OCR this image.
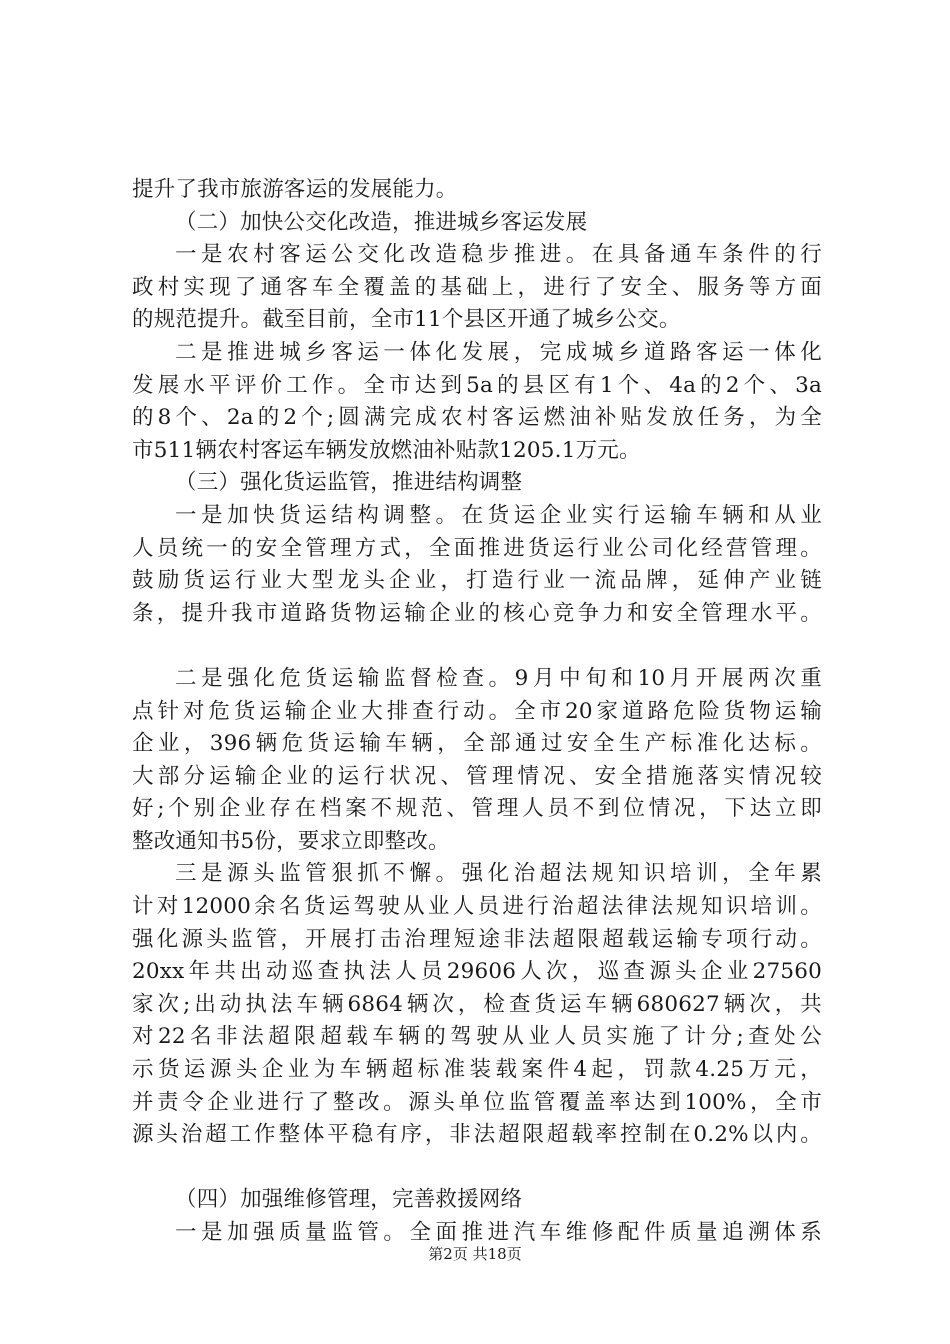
提升了我市旅游客运的发展能力。
（二）加快公交化改造，推进城乡客运发展
一是农村客运公交化改造稳步推进。在具备通车条件的行
政村实现了通客车全覆盖的基础上，进行了安全、服务等方面
的规范提升。截至目前，全市11个县区开通了城乡公交。
二是推进城乡客运一体化发展，完成城乡道路客运一体化
发展水平评价工作。全市达到5a的县区有1个、4a的2个、3a
的8个、2a的2个;圆满完成农村客运燃油补贴发放任务，为全
市511辆农村客运车辆发放燃油补贴款1205.1万元。
（三）强化货运监管，推进结构调整
一是加快货运结构调整。在货运企业实行运输车辆和从业
人员统一的安全管理方式，全面推进货运行业公司化经营管理。
鼓励货运行业大型龙头企业，打造行业一流品牌，延伸产业链
条，提升我市道路货物运输企业的核心竞争力和安全管理水平。
二是强化危货运输监督检查。9月中旬和10月开展两次重
点针对危货运输企业大排查行动。全市20家道路危险货物运输
企业，396辆危货运输车辆，全部通过安全生产标准化达标。
大部分运输企业的运行状况、管理情况、安全措施落实情况较
好;个别企业存在档案不规范、管理人员不到位情况，下达立即
整改通知书5份，要求立即整改。
三是源头监管狠抓不懈。强化治超法规知识培训，全年累
计对12000余名货运驾驶从业人员进行治超法律法规知识培训。
强化源头监管，开展打击治理短途非法超限超载运输专项行动。
20xx年共出动巡查执法人员29606人次，巡查源头企业27560
家次;出动执法车辆6864辆次，检查货运车辆680627辆次，共
对22名非法超限超载车辆的驾驶从业人员实施了计分;查处公
示货运源头企业为车辆超标准装载案件4起，罚款4.25万元，
并责令企业进行了整改。源头单位监管覆盖率达到100%，全市
源头治超工作整体平稳有序，非法超限超载率控制在0.2%以内。
（四）加强维修管理，完善救援网络
一是加强质量监管。全面推进汽车维修配件质量追溯体系
第2页 共18页
